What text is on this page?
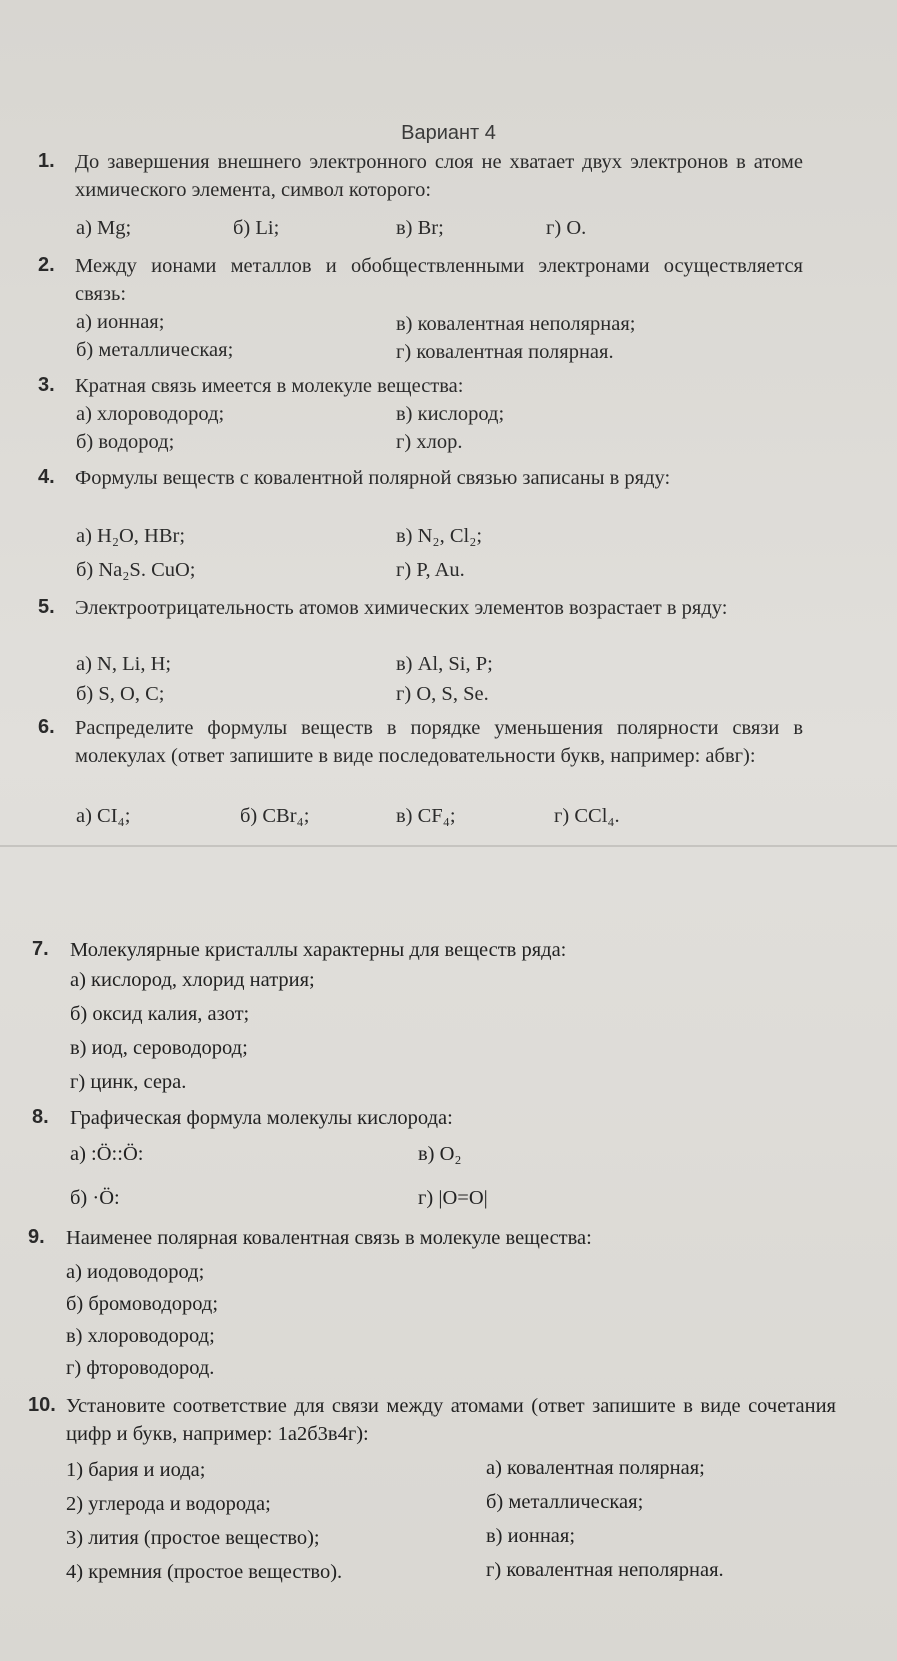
Вариант 4
1. До завершения внешнего электронного слоя не хватает двух электронов в атоме химического элемента, символ которого:
а) Mg;	б) Li;	в) Br;	г) О.
2. Между ионами металлов и обобществленными электронами осуществляется связь:
а) ионная;	в) ковалентная неполярная;
б) металлическая;	г) ковалентная полярная.
3. Кратная связь имеется в молекуле вещества:
а) хлороводород;	в) кислород;
б) водород;	г) хлор.
4. Формулы веществ с ковалентной полярной связью записаны в ряду:
а) H₂O, HBr;	в) N₂, Cl₂;
б) Na₂S. CuO;	г) P, Au.
5. Электроотрицательность атомов химических элементов возрастает в ряду:
а) N, Li, H;	в) Al, Si, P;
б) S, O, C;	г) O, S, Se.
6. Распределите формулы веществ в порядке уменьшения полярности связи в молекулах (ответ запишите в виде последовательности букв, например: абвг):
а) CI₄;	б) CBr₄;	в) CF₄;	г) CCl₄.
7. Молекулярные кристаллы характерны для веществ ряда:
а) кислород, хлорид натрия;
б) оксид калия, азот;
в) иод, сероводород;
г) цинк, сера.
8. Графическая формула молекулы кислорода:
а) :Ö::Ö:	в) O₂
б) ·Ö:	г) |O=O|
9. Наименее полярная ковалентная связь в молекуле вещества:
а) иодоводород;
б) бромоводород;
в) хлороводород;
г) фтороводород.
10. Установите соответствие для связи между атомами (ответ запишите в виде сочетания цифр и букв, например: 1а2б3в4г):
1) бария и иода;	а) ковалентная полярная;
2) углерода и водорода;	б) металлическая;
3) лития (простое вещество);	в) ионная;
4) кремния (простое вещество).	г) ковалентная неполярная.
